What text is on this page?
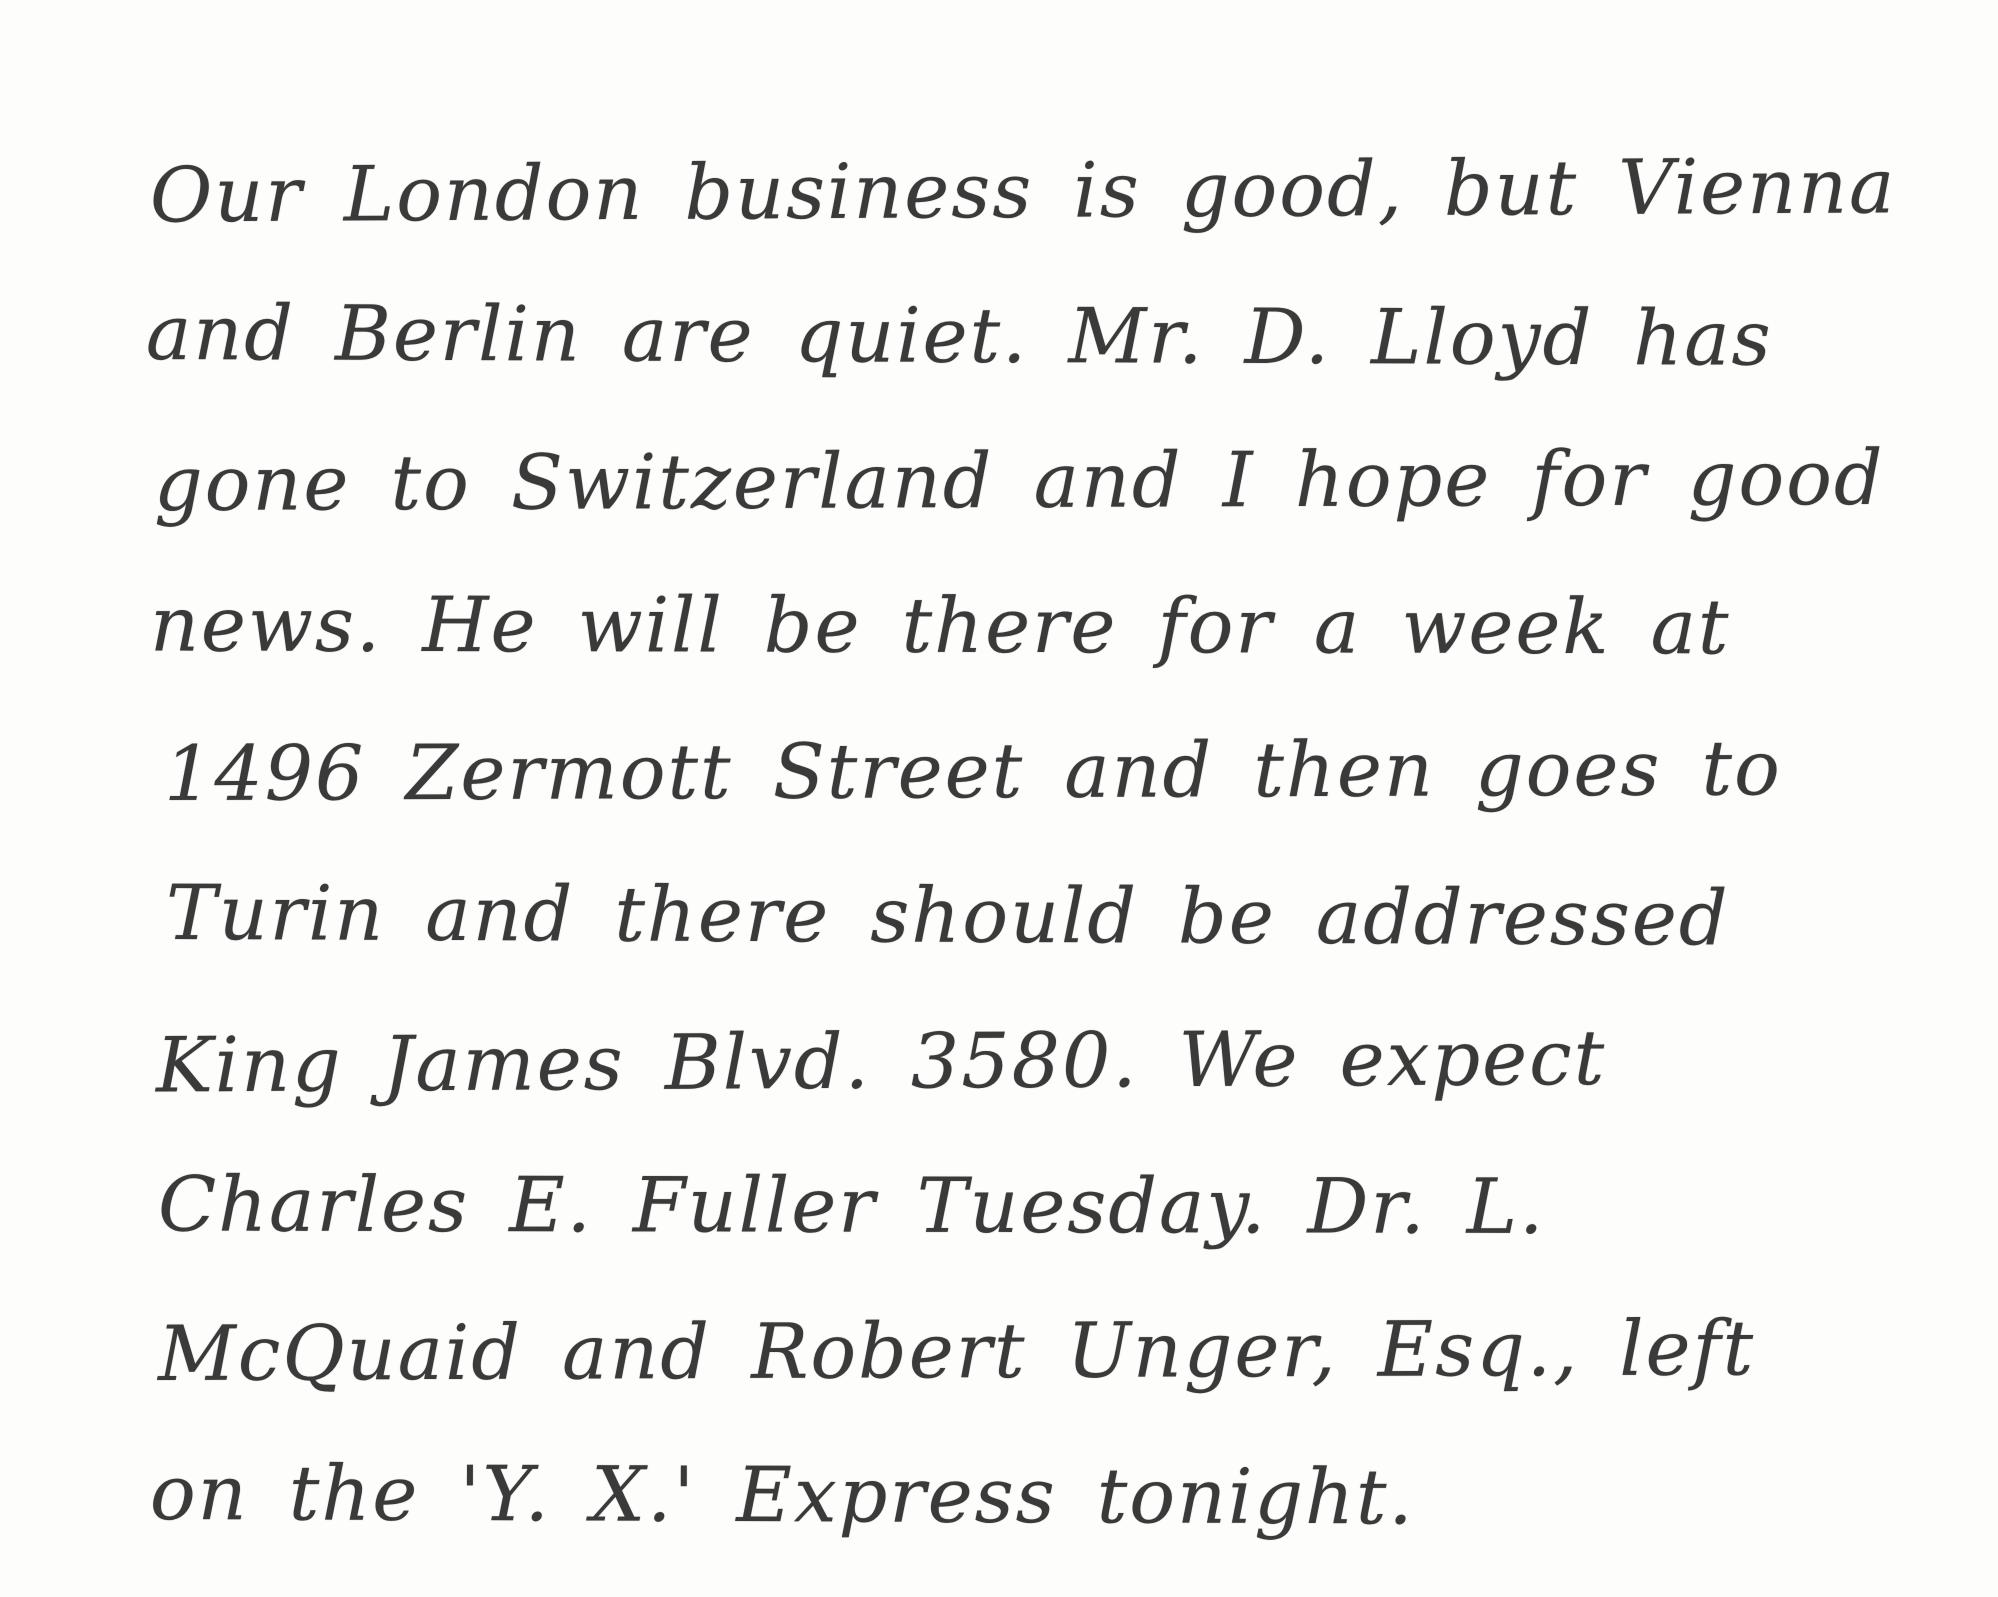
Our London business is good, but Vienna
and Berlin are quiet. Mr. D. Lloyd has
gone to Switzerland and I hope for good
news. He will be there for a week at
1496 Zermott Street and then goes to
Turin and there should be addressed
King James Blvd. 3580. We expect
Charles E. Fuller Tuesday. Dr. L.
McQuaid and Robert Unger, Esq., left
on the 'Y. X.' Express tonight.
